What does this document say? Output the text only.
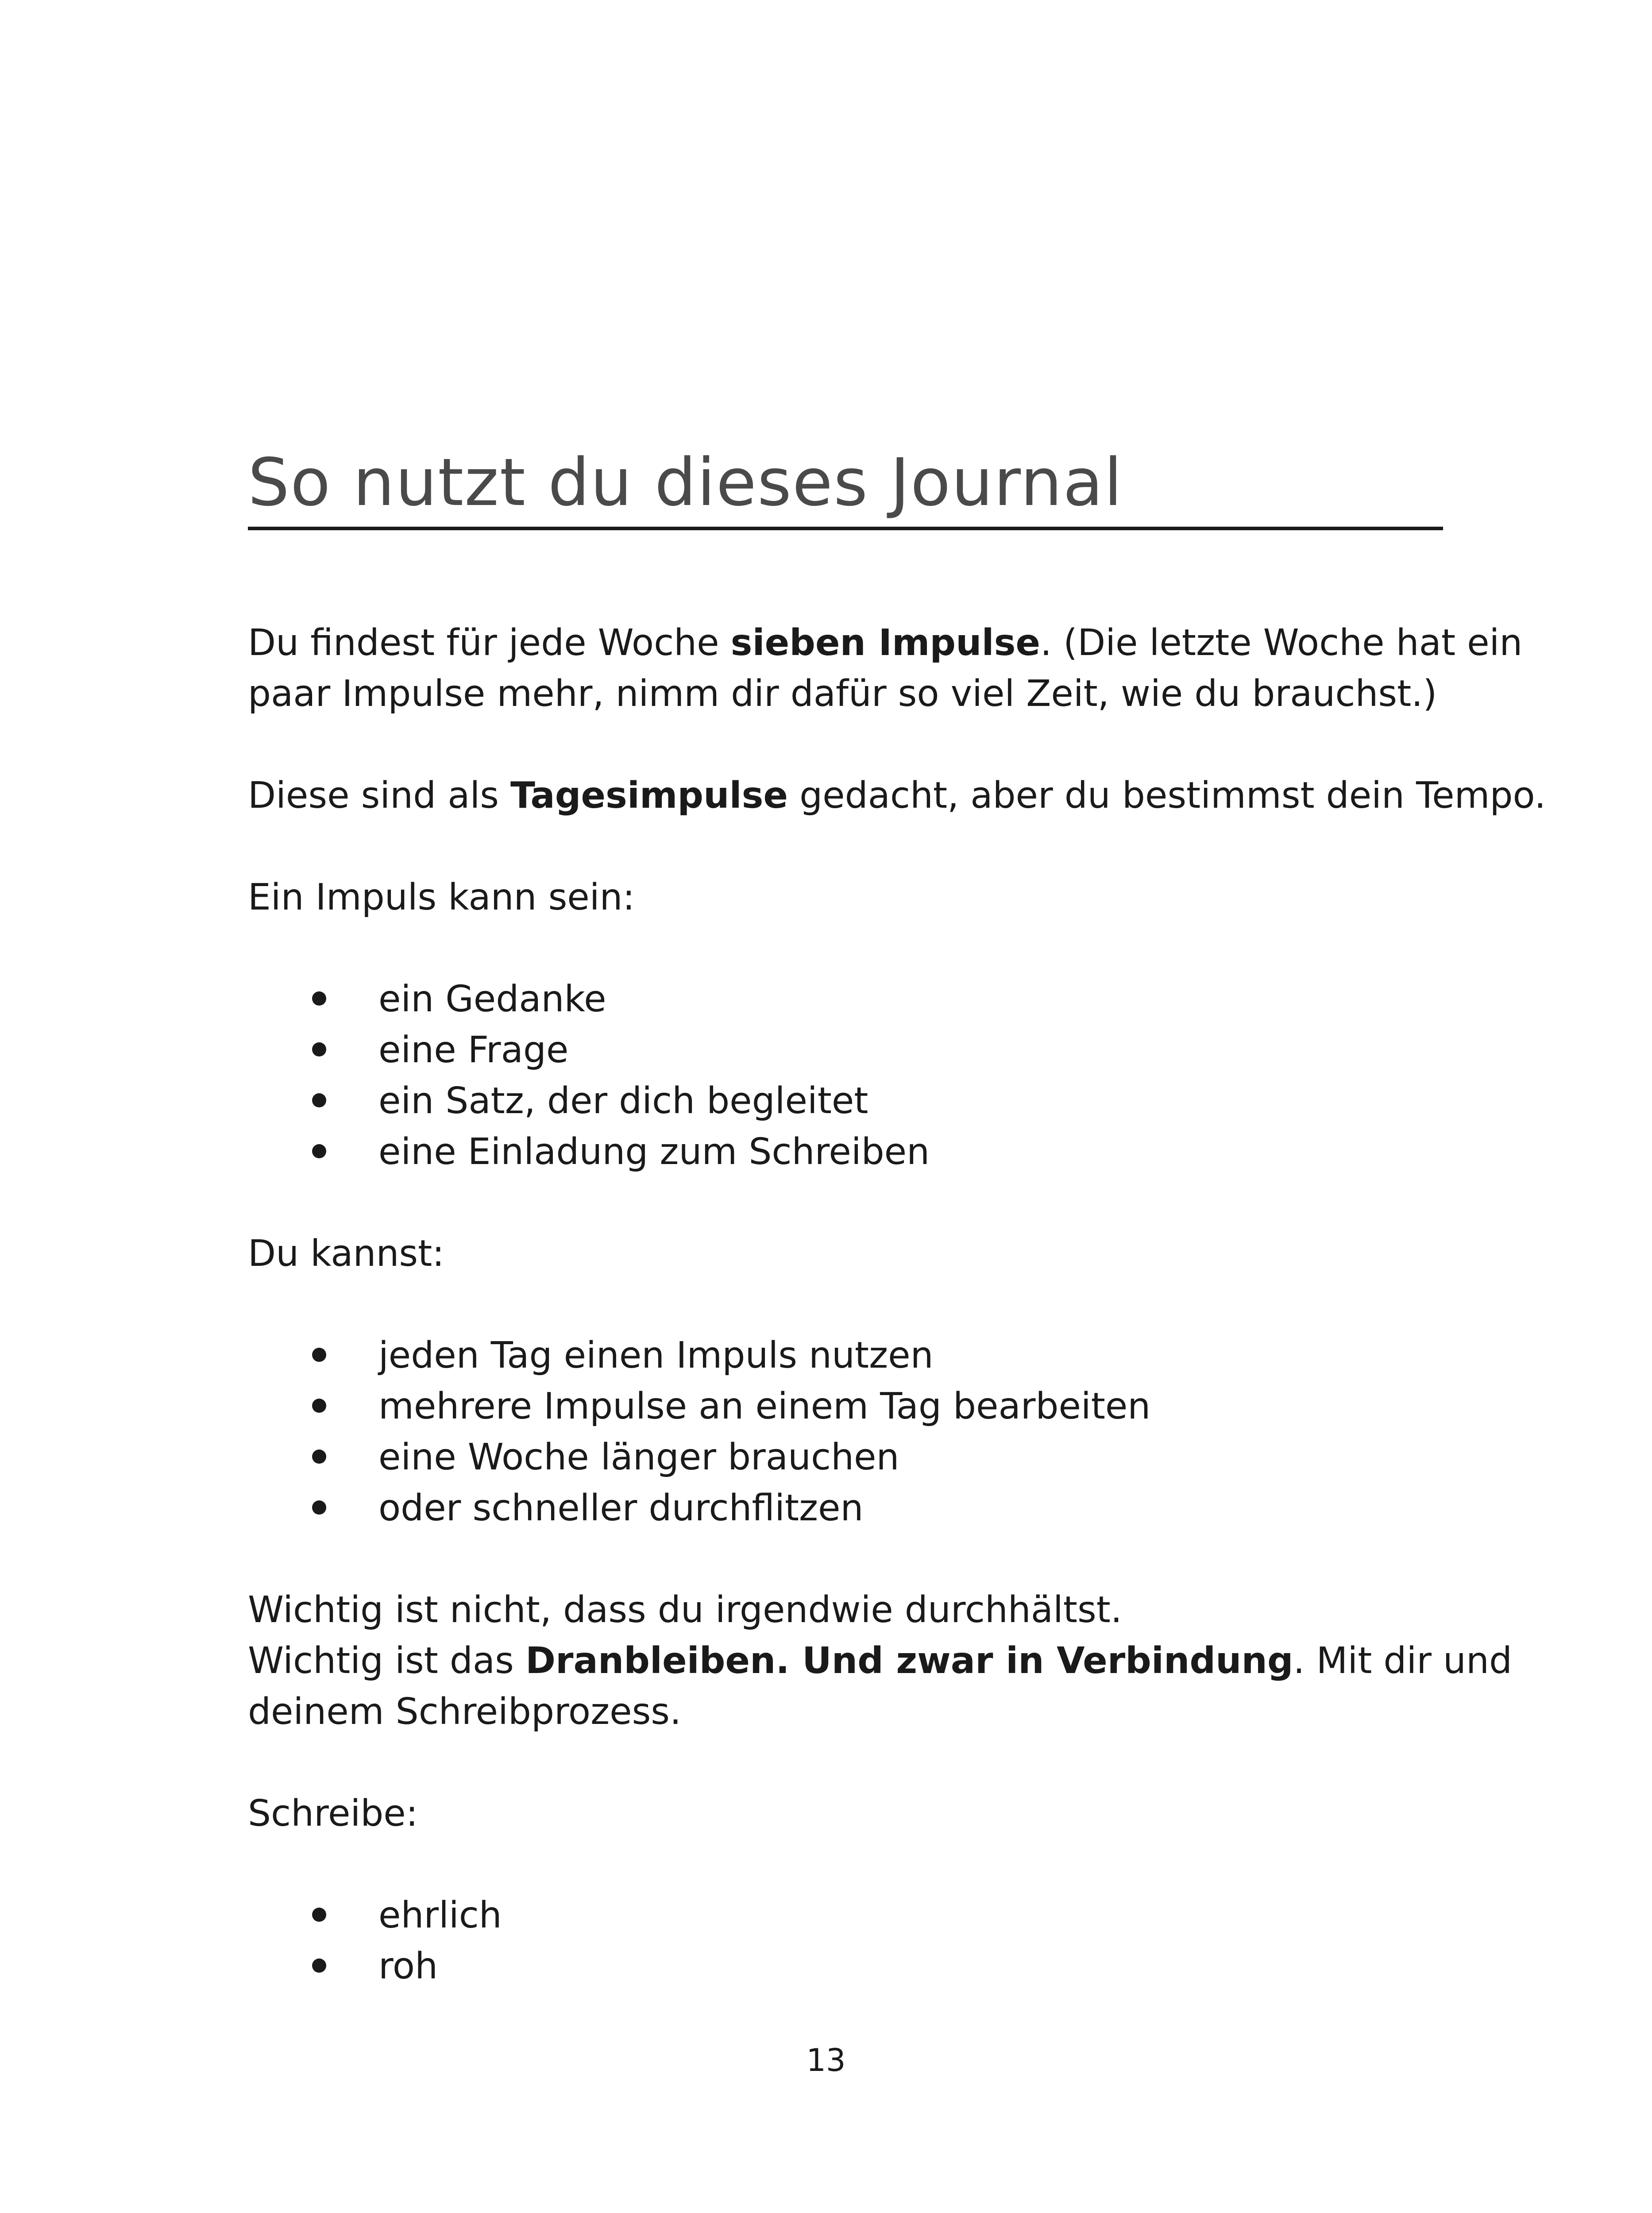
So nutzt du dieses Journal

Du findest für jede Woche sieben Impulse. (Die letzte Woche hat ein

paar Impulse mehr, nimm dir dafür so viel Zeit, wie du brauchst.)

Diese sind als Tagesimpulse gedacht, aber du bestimmst dein Tempo.

Ein Impuls kann sein:

ein Gedanke
eine Frage
ein Satz, der dich begleitet
eine Einladung zum Schreiben

Du kannst:

jeden Tag einen Impuls nutzen
mehrere Impulse an einem Tag bearbeiten
eine Woche länger brauchen
oder schneller durchflitzen

Wichtig ist nicht, dass du irgendwie durchhältst.

Wichtig ist das Dranbleiben. Und zwar in Verbindung. Mit dir und

deinem Schreibprozess.

Schreibe:

ehrlich
roh
13
